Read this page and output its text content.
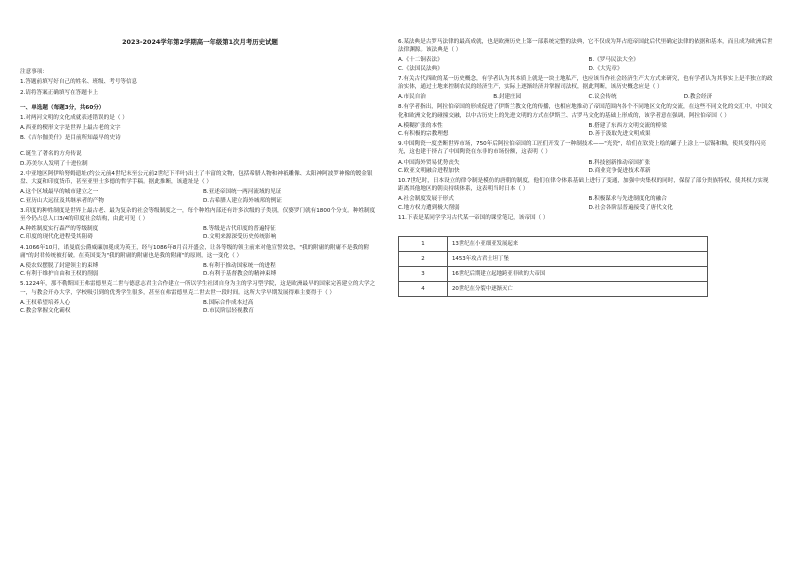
2023-2024学年第2学期高一年级第1次月考历史试题
注意事项：
1.答题前填写好自己的姓名、班级、考号等信息
2.请将答案正确填写在答题卡上
一、单选题（每题3分，共60分）
1.对两河文明的文化成就表述错误的是（ ）
A.西亚的楔形文字是世界上最古老的文字
B.《吉尔伽美什》是目前所知最早的史诗
C.诞生了著名的方舟传说
D.苏美尔人发明了十进位制
2.中亚地区阿伊哈努姆遗址(约公元前4世纪末至公元前2世纪下半叶)出土了丰富的文物，包括希腊人物和神祇雕像、太阳神阿波罗神像的镀金银盘、大夏和印度货币，甚至亚里士多德的哲学手稿。据此推断，该遗址是（ ）
A.这个区域最早的城市建立之一	B.亚述帝国统一两河流域的见证
C.亚历山大远征及其继承者的产物	D.古希腊人建立海外城邦的例证
3.印度的种姓制度是世界上最古老、最为复杂的社会等级制度之一，每个种姓内部还有许多次级的子类别，仅婆罗门就有1800个分支。种姓制度至今仍占总人口3/4的印度社会结构，由此可见（ ）
A.种姓制度实行森严的等级制度	B.等级是古代印度的普遍特征
C.印度的现代化进程受其阻碍	D.文明来源深受历史传统影响
4.1066年10月，诺曼底公爵威廉加冕成为英王，经与1086年8月召开盛会，让各等级的领主前来对他宣誓效忠，"我的附庸的附庸不是我的附庸"的封君传统被打破。在英国变为"我的附庸的附庸也是我的附庸"的原则，这一变化（ ）
A.使农奴摆脱了封建领主的束缚	B.有利于推动国家统一的进程
C.有利于维护自由和王权的削弱	D.有利于基督教会的精神束缚
5.1224年，那不勒斯国王弗雷德里克二世与德意志君主合作建立一所以学生社团自身为主的学习型学院，这是欧洲最早的国家完善建立的大学之一，与教会开办大学，学校吸引到的优秀学生很多，甚至在弗雷德里克二世去世一段时间。这所大学早期发展得难主要得于（ ）
A.王权希望培养人心	B.国际合作成本过高
C.教会掌握文化霸权	D.市民阶层轻视教育
6.某法典是古罗马法律的最高成就，也是欧洲历史上第一部系统完整的法典，它不仅成为拜占庭帝国此后代里确定法律的依据和基本，而且成为欧洲后世法律渊源。该法典是（ ）
A.《十二铜表法》	B.《罗马民法大全》
C.《法国民法典》	D.《大宪章》
7.有关古代西欧的某一历史概念，有学者认为其本质上就是一块土地私产，也应该当作社会经济生产大方式来研究，也有学者认为其事实上是半独立的政治实体，通过土地来控制农民的经济生产，实际上逐渐经济并掌握司法权，据此判断，该历史概念应是（ ）
A.市民自治	B.封建庄园	C.议会传统	D.教会经济
8.有学者指出，阿拉伯帝国的形成促进了伊斯兰教文化的传播，也相应地推动了帝国范围内各个不同地区文化的交流，在这些不同文化的交汇中，中国文化和欧洲文化的碰撞交融，以中古历史上的先进文明的方式在伊斯兰、古罗马文化的基础上形成的，该学者意在强调，阿拉伯帝国（ ）
A.模糊扩张的本性	B.搭建了东西方文明交流的桥梁
C.有积极的宗教理想	D.善于汲取先进文明成果
9.中国陶瓷一度垄断世界市场，750年后阿拉伯帝国的工匠们开发了一种制技术——"光瓷"，给们在钦瓷上绘的罐子上涂上一层锡和釉，使其变得闪亮光，这也建于挤占了中国陶瓷在东非的市场份额，这表明（ ）
A.中国海外贸易优势丧失	B.科技创新推动帝国扩张
C.欧亚文明融合进程加快	D.商业竞争促进技术革新
10.7世纪时，日本设立的律令制是模仿的唐朝的制度，他们在律令体系基础上进行了变通，加强中央集权的同时，保留了部分贵族特权，使其权力实现距离其他地区的朝贡持续体系，这表明当时日本（ ）
A.社会制度发展于形式	B.积极谋求与先进制度化的融合
C.地方权力遭到极大削弱	D.社会各阶层普遍接受了唐代文化
11.下表是某同学学习古代某一帝国的课堂笔记，该帝国（ ）
1	13世纪在小亚细亚发展起来
2	1453年攻占君士坦丁堡
3	16世纪后期建立起地跨亚非欧的大帝国
4	20世纪在分裂中逐渐灭亡
